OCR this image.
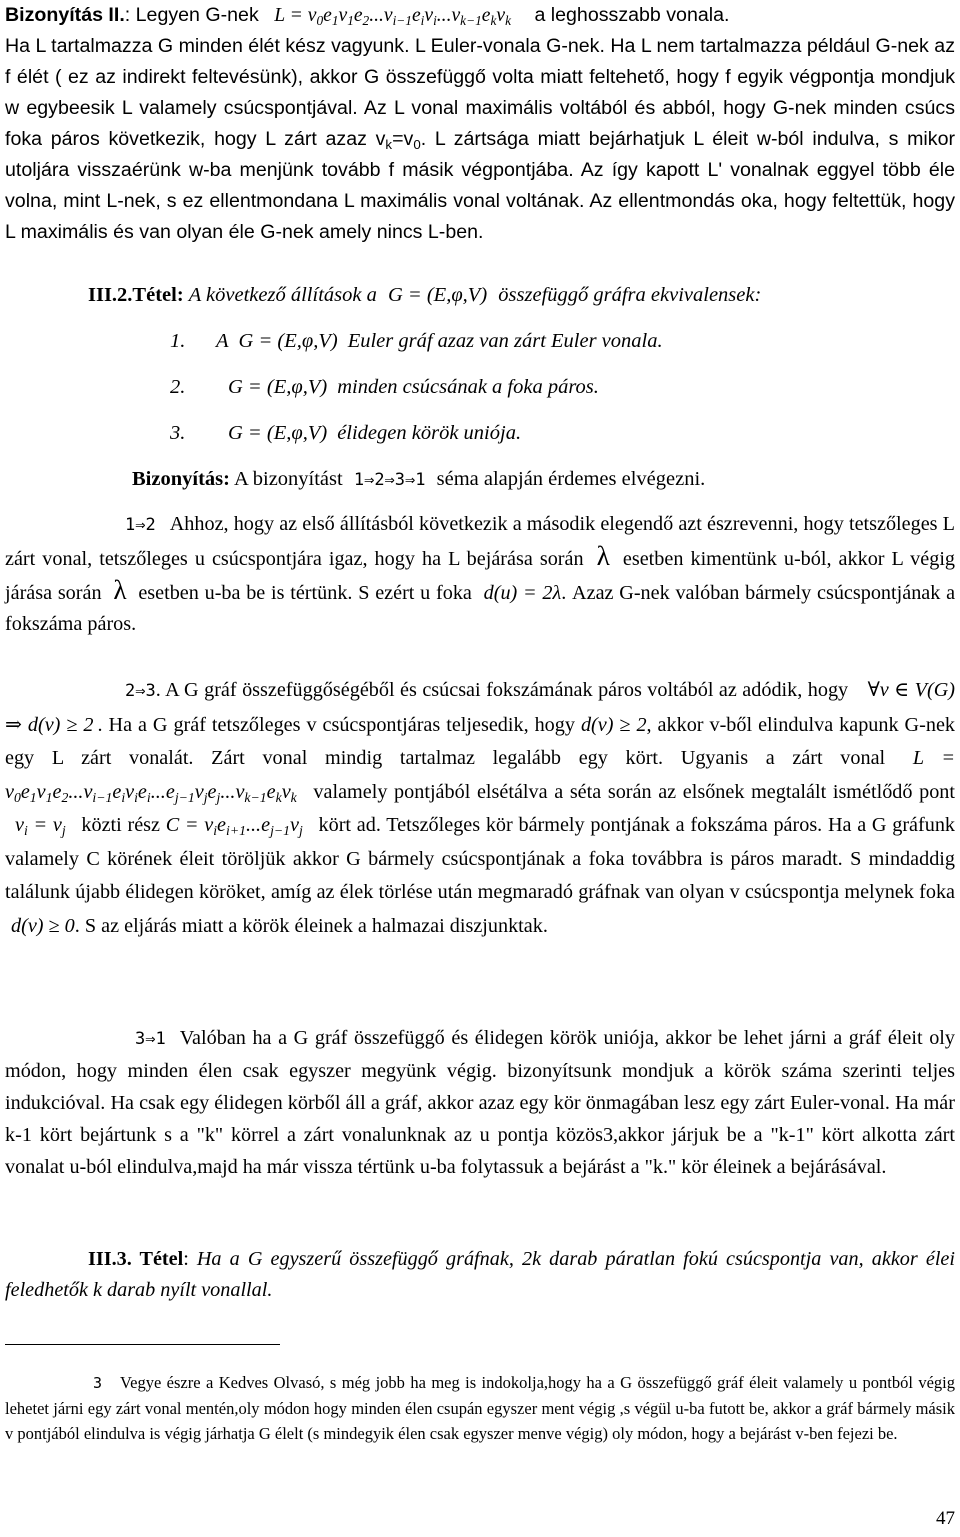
Bizonyítás II.: Legyen G-nek $L = v_0e_1v_1e_2...v_{i-1}e_iv_i...v_{k-1}e_kv_k$ a leghosszabb vonala.

Ha L tartalmazza G minden élét kész vagyunk. L Euler-vonala G-nek. Ha L nem tartalmazza például G-nek az f élét ( ez az indirekt feltevésünk), akkor G összefüggő volta miatt feltehető, hogy f egyik végpontja mondjuk w egybeesik L valamely csúcspontjával. Az L vonal maximális voltából és abból, hogy G-nek minden csúcs foka páros következik, hogy L zárt azaz $v_k=v_0$. L zártsága miatt bejárhatjuk L éleit w-ból indulva, s mikor utoljára visszaérünk w-ba menjünk tovább f másik végpontjába. Az így kapott L' vonalnak eggyel több éle volna, mint L-nek, s ez ellentmondana L maximális vonal voltának. Az ellentmondás oka, hogy feltettük, hogy L maximális és van olyan éle G-nek amely nincs L-ben.

III.2.Tétel: A következő állítások a G = (E,φ,V) összefüggő gráfra ekvivalensek:
1. A G = (E,φ,V) Euler gráf azaz van zárt Euler vonala.
2. G = (E,φ,V) minden csúcsának a foka páros.
3. G = (E,φ,V) élidegen körök uniója.
Bizonyítás: A bizonyítást 1⇒2⇒3⇒1 séma alapján érdemes elvégezni.

1⇒2 Ahhoz, hogy az első állításból következik a második elegendő azt észrevenni, hogy tetszőleges L zárt vonal, tetszőleges u csúcspontjára igaz, hogy ha L bejárása során λ esetben kimentünk u-ból, akkor L végig járása során λ esetben u-ba be is tértünk. S ezért u foka d(u) = 2λ. Azaz G-nek valóban bármely csúcspontjának a fokszáma páros.

2⇒3. A G gráf összefüggőségéből és csúcsai fokszámának páros voltából az adódik, hogy ∀v ∈ V(G) ⇒ d(v) ≥ 2 . Ha a G gráf tetszőleges v csúcspontjáras teljesedik, hogy d(v) ≥ 2, akkor v-ből elindulva kapunk G-nek egy L zárt vonalát. Zárt vonal mindig tartalmaz legalább egy kört. Ugyanis a zárt vonal $L = v_0e_1v_1e_2...v_{i-1}e_iv_ie_i...e_{j-1}v_je_j...v_{k-1}e_kv_k$ valamely pontjából elsétálva a séta során az elsőnek megtalált ismétlődő pont $v_i = v_j$ közti rész $C = v_ie_{i+1}...e_{j-1}v_j$ kört ad. Tetszőleges kör bármely pontjának a fokszáma páros. Ha a G gráfunk valamely C körének éleit töröljük akkor G bármely csúcspontjának a foka továbbra is páros maradt. S mindaddig találunk újabb élidegen köröket, amíg az élek törlése után megmaradó gráfnak van olyan v csúcspontja melynek foka d(v) ≥ 0. S az eljárás miatt a körök éleinek a halmazai diszjunktak.

3⇒1 Valóban ha a G gráf összefüggő és élidegen körök uniója, akkor be lehet járni a gráf éleit oly módon, hogy minden élen csak egyszer megyünk végig. bizonyítsunk mondjuk a körök száma szerinti teljes indukcióval. Ha csak egy élidegen körből áll a gráf, akkor azaz egy kör önmagában lesz egy zárt Euler-vonal. Ha már k-1 kört bejártunk s a "k" körrel a zárt vonalunknak az u pontja közös3,akkor járjuk be a "k-1" kört alkotta zárt vonalat u-ból elindulva,majd ha már vissza tértünk u-ba folytassuk a bejárást a "k." kör éleinek a bejárásával.

III.3. Tétel: Ha a G egyszerű összefüggő gráfnak, 2k darab páratlan fokú csúcspontja van, akkor élei feledhetők k darab nyílt vonallal.

3 Vegye észre a Kedves Olvasó, s még jobb ha meg is indokolja,hogy ha a G összefüggő gráf éleit valamely u pontból végig lehetet járni egy zárt vonal mentén,oly módon hogy minden élen csupán egyszer ment végig ,s végül u-ba futott be, akkor a gráf bármely másik v pontjából elindulva is végig járhatja G élelt (s mindegyik élen csak egyszer menve végig) oly módon, hogy a bejárást v-ben fejezi be.

47
